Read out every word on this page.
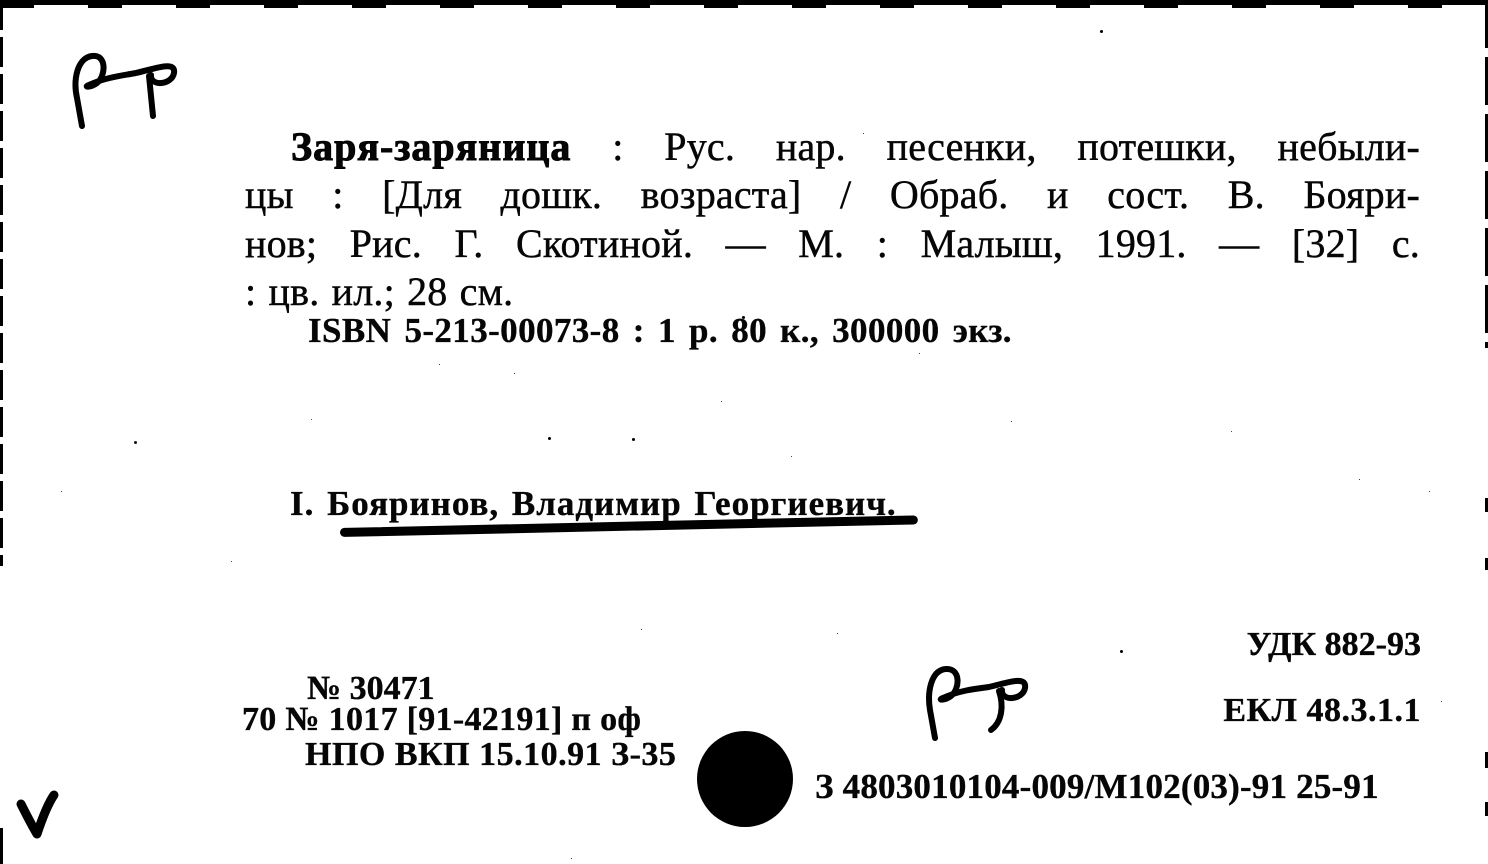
Заря-заряница : Рус. нар. песенки, потешки, небыли-
цы : [Для дошк. возраста] / Обраб. и сост. В. Бояри-
нов; Рис. Г. Скотиной. — М. : Малыш, 1991. — [32] с.
: цв. ил.; 28 см.
ISBN 5-213-00073-8 : 1 р. 80 к., 300000 экз.
I. Бояринов, Владимир Георгиевич.
УДК 882-93
ЕКЛ 48.3.1.1
№ 30471
70 № 1017 [91-42191] п оф
НПО ВКП 15.10.91 З-35
З 4803010104-009/М102(03)-91 25-91
